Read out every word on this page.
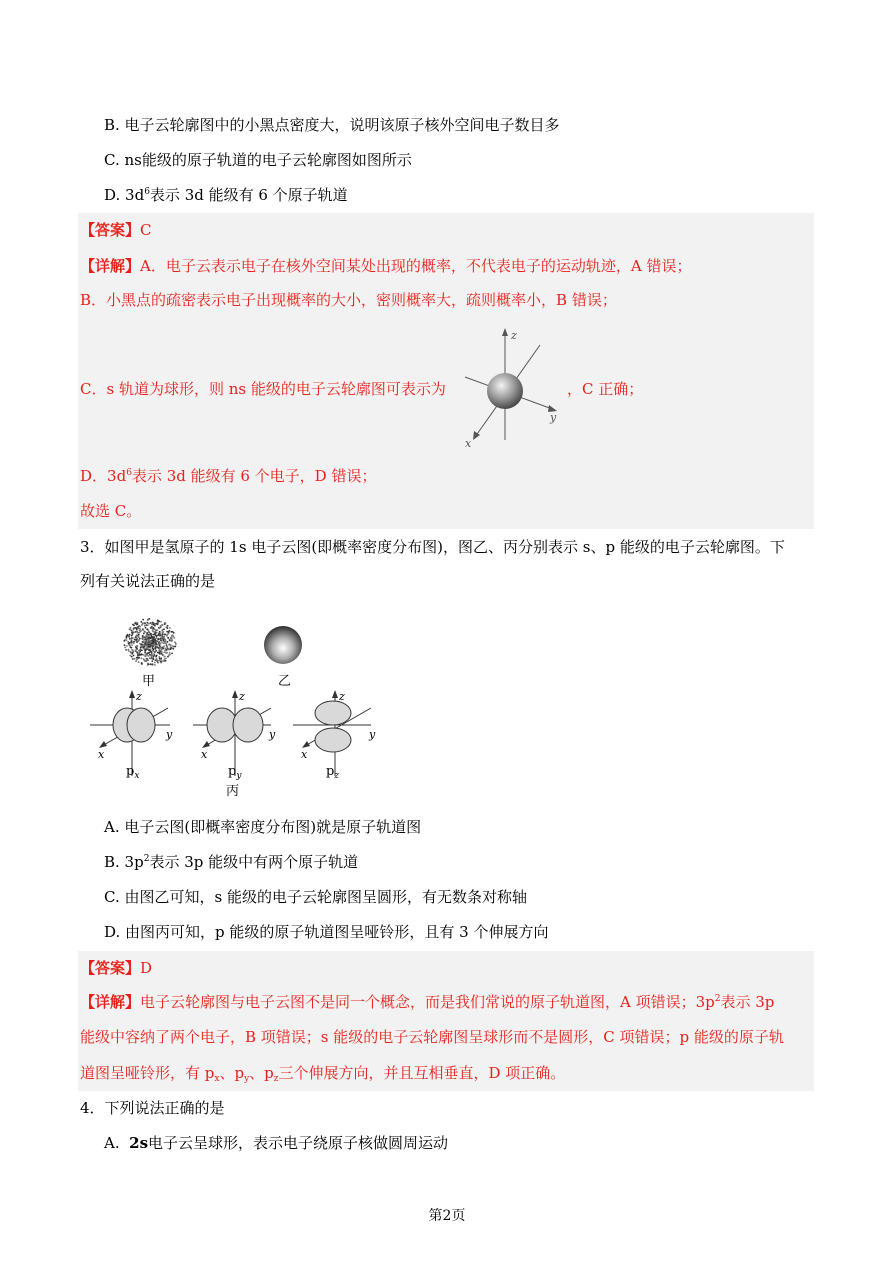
B. 电子云轮廓图中的小黑点密度大，说明该原子核外空间电子数目多
C. ns能级的原子轨道的电子云轮廓图如图所示
D. $3d^6$表示 3d 能级有 6 个原子轨道
【答案】C
【详解】A．电子云表示电子在核外空间某处出现的概率，不代表电子的运动轨迹，A 错误；
B．小黑点的疏密表示电子出现概率的大小，密则概率大，疏则概率小，B 错误；
C．s 轨道为球形，则 ns 能级的电子云轮廓图可表示为	，C 正确；
z
y
x
D．$3d^6$表示 3d 能级有 6 个电子，D 错误；
故选 C。
3．如图甲是氢原子的 1s 电子云图(即概率密度分布图)，图乙、丙分别表示 s、p 能级的电子云轮廓图。下
列有关说法正确的是
甲	乙
z
y
x
z
y
x
z
y
x
$p_x$	$p_y$	$p_z$
丙
A. 电子云图(即概率密度分布图)就是原子轨道图
B. $3p^2$表示 3p 能级中有两个原子轨道
C. 由图乙可知，s 能级的电子云轮廓图呈圆形，有无数条对称轴
D. 由图丙可知，p 能级的原子轨道图呈哑铃形，且有 3 个伸展方向
【答案】D
【详解】电子云轮廓图与电子云图不是同一个概念，而是我们常说的原子轨道图，A 项错误；$3p^2$表示 3p
能级中容纳了两个电子，B 项错误；s 能级的电子云轮廓图呈球形而不是圆形，C 项错误；p 能级的原子轨
道图呈哑铃形，有 $p_x$、$p_y$、$p_z$三个伸展方向，并且互相垂直，D 项正确。
4．下列说法正确的是
A. 2s电子云呈球形，表示电子绕原子核做圆周运动
第2页
